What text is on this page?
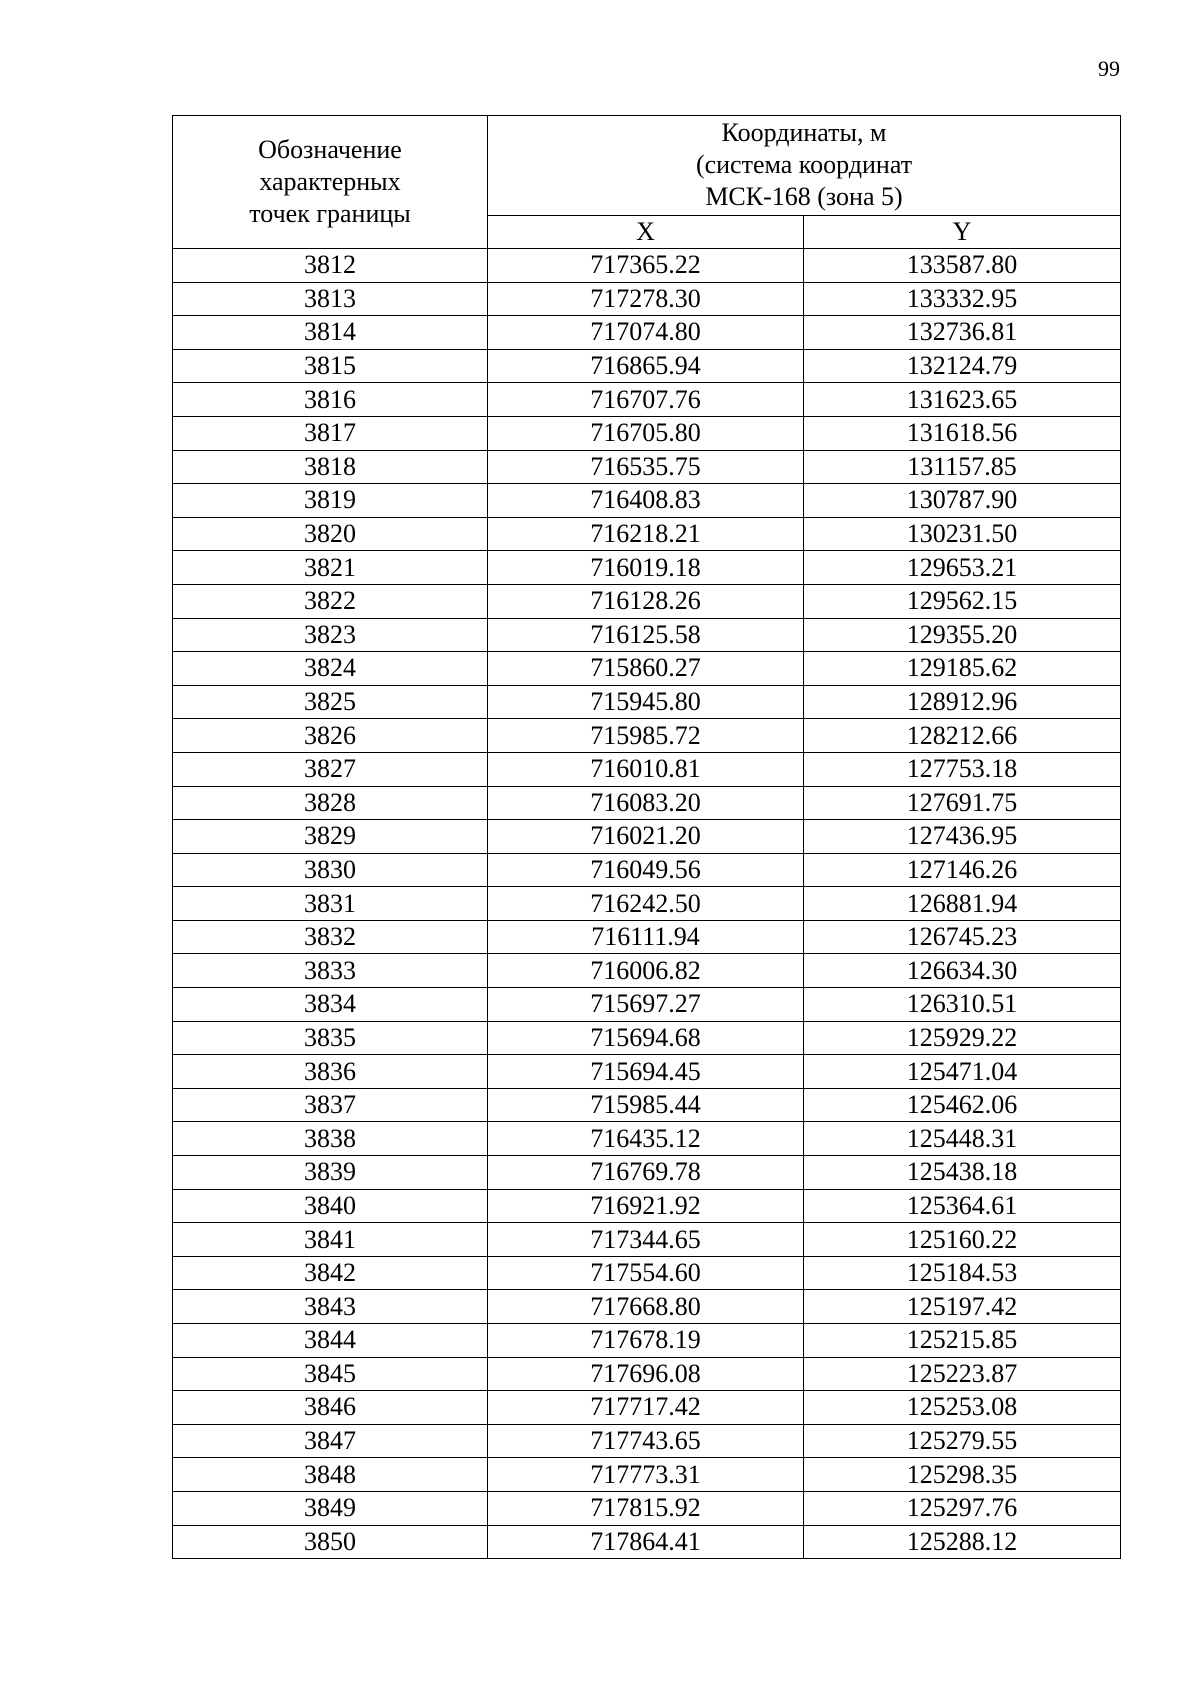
99
Обозначение
характерных
точек границы	Координаты, м
(система координат
МСК-168 (зона 5)	

	X	Y
3812	717365.22	133587.80
3813	717278.30	133332.95
3814	717074.80	132736.81
3815	716865.94	132124.79
3816	716707.76	131623.65
3817	716705.80	131618.56
3818	716535.75	131157.85
3819	716408.83	130787.90
3820	716218.21	130231.50
3821	716019.18	129653.21
3822	716128.26	129562.15
3823	716125.58	129355.20
3824	715860.27	129185.62
3825	715945.80	128912.96
3826	715985.72	128212.66
3827	716010.81	127753.18
3828	716083.20	127691.75
3829	716021.20	127436.95
3830	716049.56	127146.26
3831	716242.50	126881.94
3832	716111.94	126745.23
3833	716006.82	126634.30
3834	715697.27	126310.51
3835	715694.68	125929.22
3836	715694.45	125471.04
3837	715985.44	125462.06
3838	716435.12	125448.31
3839	716769.78	125438.18
3840	716921.92	125364.61
3841	717344.65	125160.22
3842	717554.60	125184.53
3843	717668.80	125197.42
3844	717678.19	125215.85
3845	717696.08	125223.87
3846	717717.42	125253.08
3847	717743.65	125279.55
3848	717773.31	125298.35
3849	717815.92	125297.76
3850	717864.41	125288.12
